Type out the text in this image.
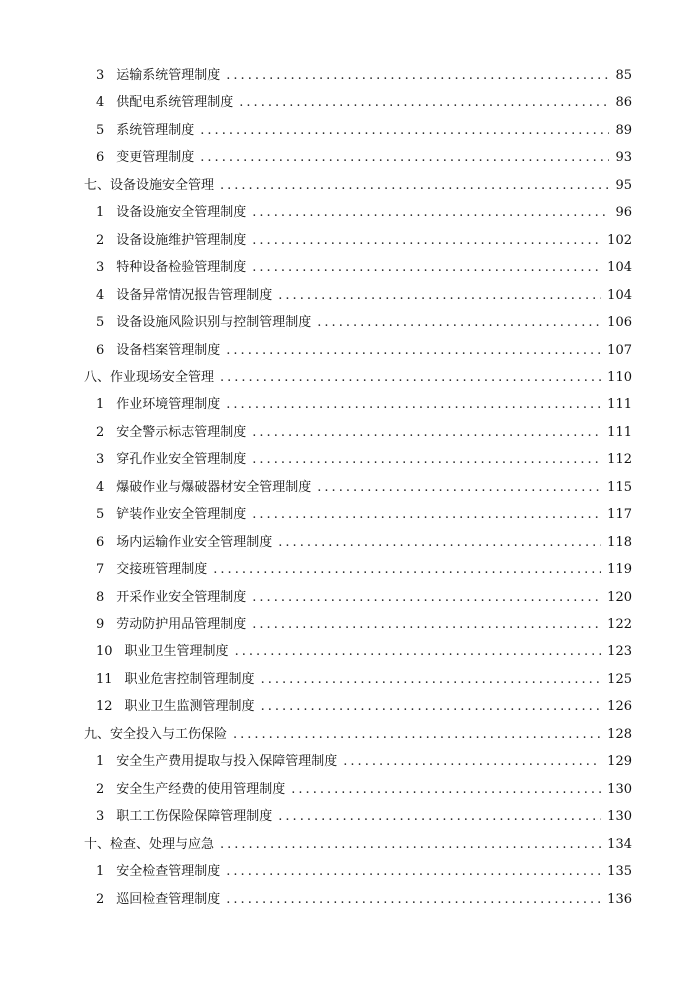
3 运输系统管理制度 .....	85
4 供配电系统管理制度 .....	86
5 系统管理制度 .....	89
6 变更管理制度 .....	93
七、设备设施安全管理 .....	95
1 设备设施安全管理制度 .....	96
2 设备设施维护管理制度 .....	102
3 特种设备检验管理制度 .....	104
4 设备异常情况报告管理制度 .....	104
5 设备设施风险识别与控制管理制度 .....	106
6 设备档案管理制度 .....	107
八、作业现场安全管理 .....	110
1 作业环境管理制度 .....	111
2 安全警示标志管理制度 .....	111
3 穿孔作业安全管理制度 .....	112
4 爆破作业与爆破器材安全管理制度 .....	115
5 铲装作业安全管理制度 .....	117
6 场内运输作业安全管理制度 .....	118
7 交接班管理制度 .....	119
8 开采作业安全管理制度 .....	120
9 劳动防护用品管理制度 .....	122
10 职业卫生管理制度 .....	123
11 职业危害控制管理制度 .....	125
12 职业卫生监测管理制度 .....	126
九、安全投入与工伤保险 .....	128
1 安全生产费用提取与投入保障管理制度 .....	129
2 安全生产经费的使用管理制度 .....	130
3 职工工伤保险保障管理制度 .....	130
十、检查、处理与应急 .....	134
1 安全检查管理制度 .....	135
2 巡回检查管理制度 .....	136
